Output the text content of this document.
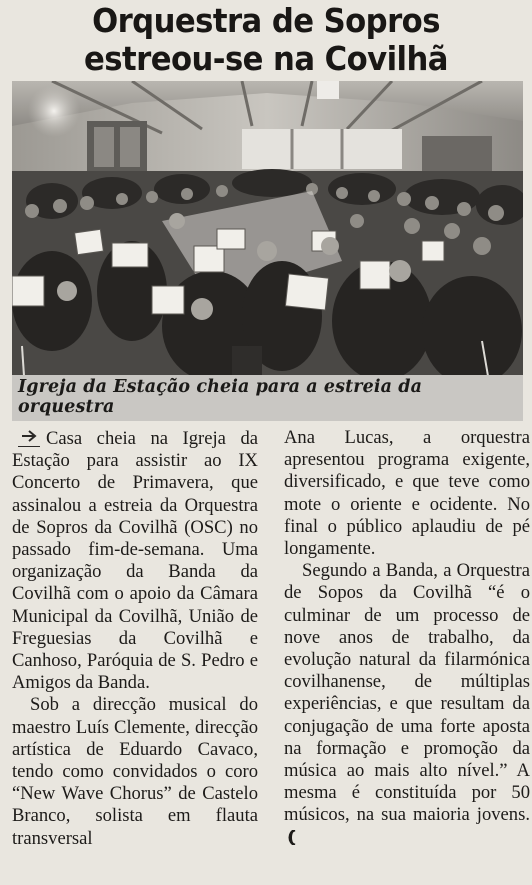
Orquestra de Sopros estreou-se na Covilhã
Igreja da Estação cheia para a estreia da orquestra

Casa cheia na Igreja da Estação para assistir ao IX Concerto de Primavera, que assinalou a estreia da Orquestra de Sopros da Covilhã (OSC) no passado fim-de-semana. Uma organização da Banda da Covilhã com o apoio da Câmara Municipal da Covilhã, União de Freguesias da Covilhã e Canhoso, Paróquia de S. Pedro e Amigos da Banda.

Sob a direcção musical do maestro Luís Clemente, direcção artística de Eduardo Cavaco, tendo como convidados o coro “New Wave Chorus” de Castelo Branco, solista em flauta transversal

Ana Lucas, a orquestra apresentou programa exigente, diversificado, e que teve como mote o oriente e ocidente. No final o público aplaudiu de pé longamente.

Segundo a Banda, a Orquestra de Sopos da Covilhã “é o culminar de um processo de nove anos de trabalho, da evolução natural da filarmónica covilhanense, de múltiplas experiências, e que resultam da conjugação de uma forte aposta na formação e promoção da música ao mais alto nível.” A mesma é constituída por 50 músicos, na sua maioria jovens.
